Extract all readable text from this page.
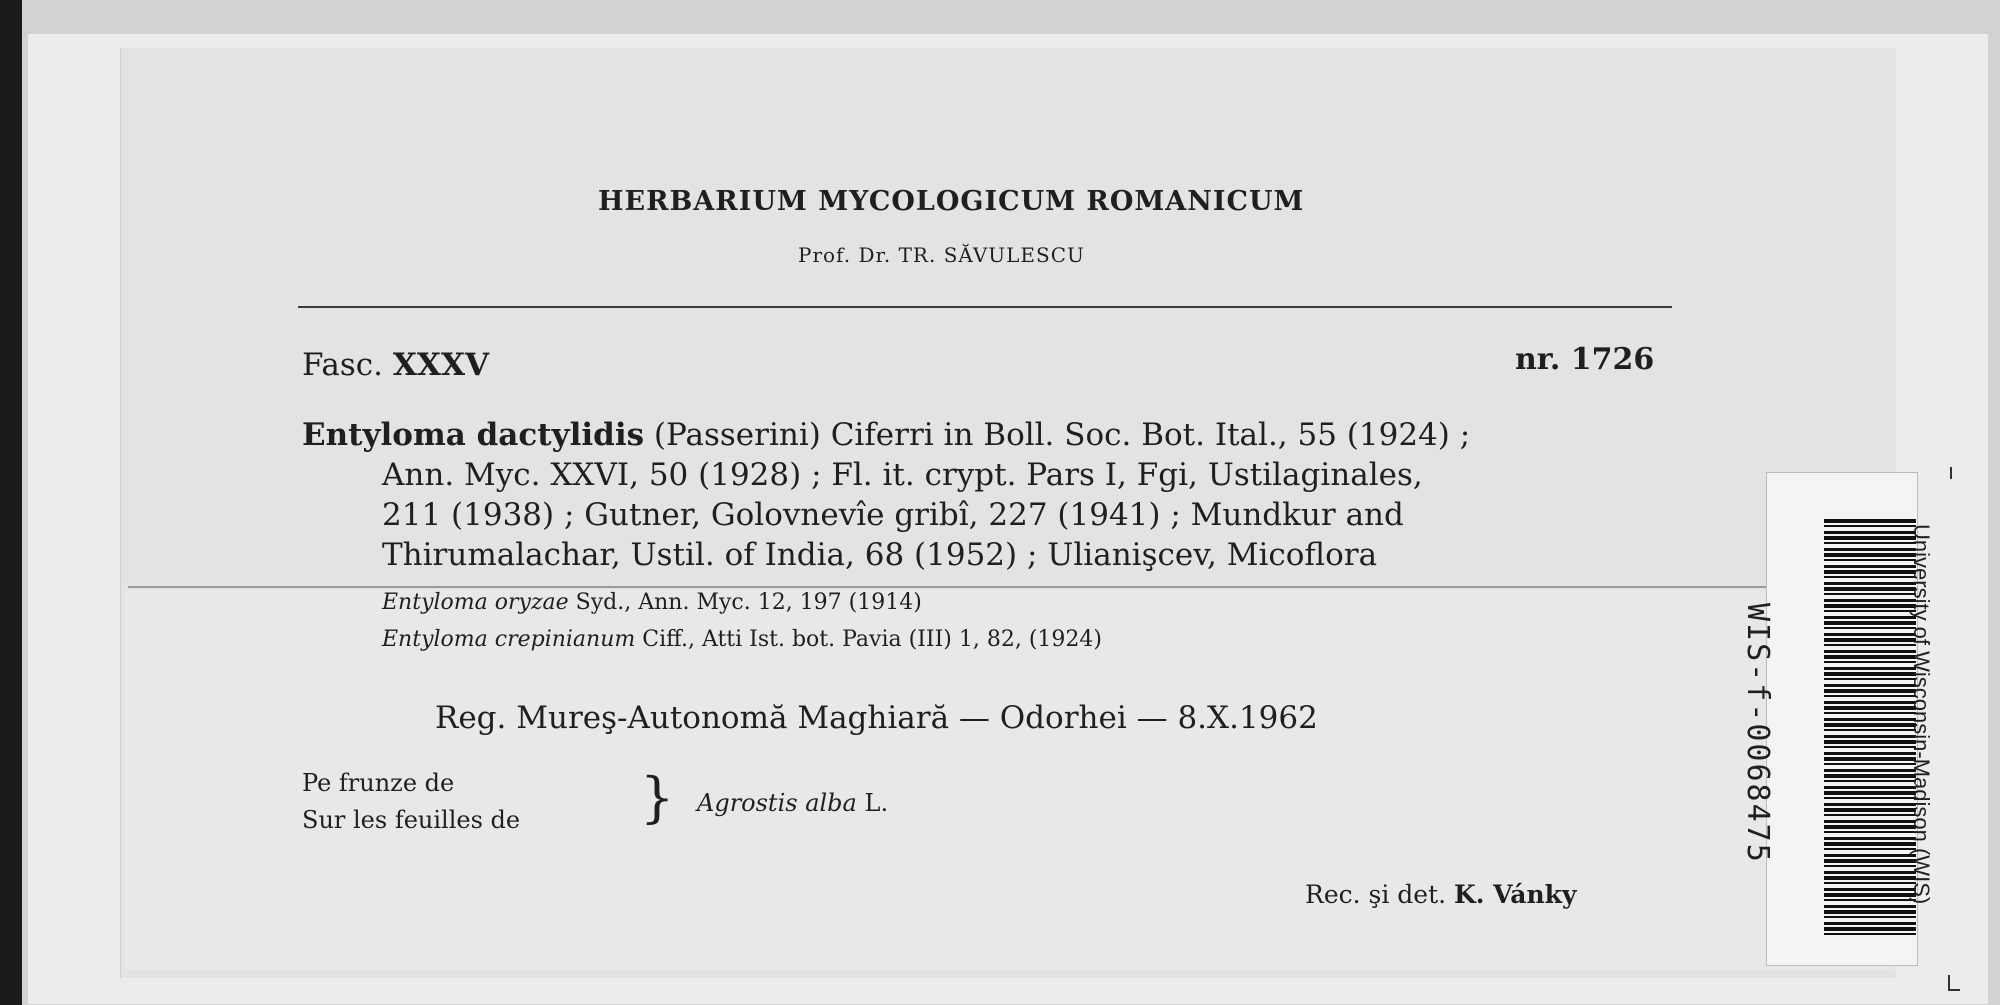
HERBARIUM MYCOLOGICUM ROMANICUM
Prof. Dr. TR. SĂVULESCU
Fasc. XXXV	nr. 1726
Entyloma dactylidis (Passerini) Ciferri in Boll. Soc. Bot. Ital., 55 (1924) ;
Ann. Myc. XXVI, 50 (1928) ; Fl. it. crypt. Pars I, Fgi, Ustilaginales,
211 (1938) ; Gutner, Golovnevîe gribî, 227 (1941) ; Mundkur and
Thirumalachar, Ustil. of India, 68 (1952) ; Ulianişcev, Micoflora
Entyloma oryzae Syd., Ann. Myc. 12, 197 (1914)
Entyloma crepinianum Ciff., Atti Ist. bot. Pavia (III) 1, 82, (1924)
Reg. Mureş-Autonomă Maghiară — Odorhei — 8.X.1962
Pe frunze de
Sur les feuilles de } Agrostis alba L.
Rec. şi det. K. Vánky
WIS-f-0068475	University of Wisconsin-Madison (WIS)
